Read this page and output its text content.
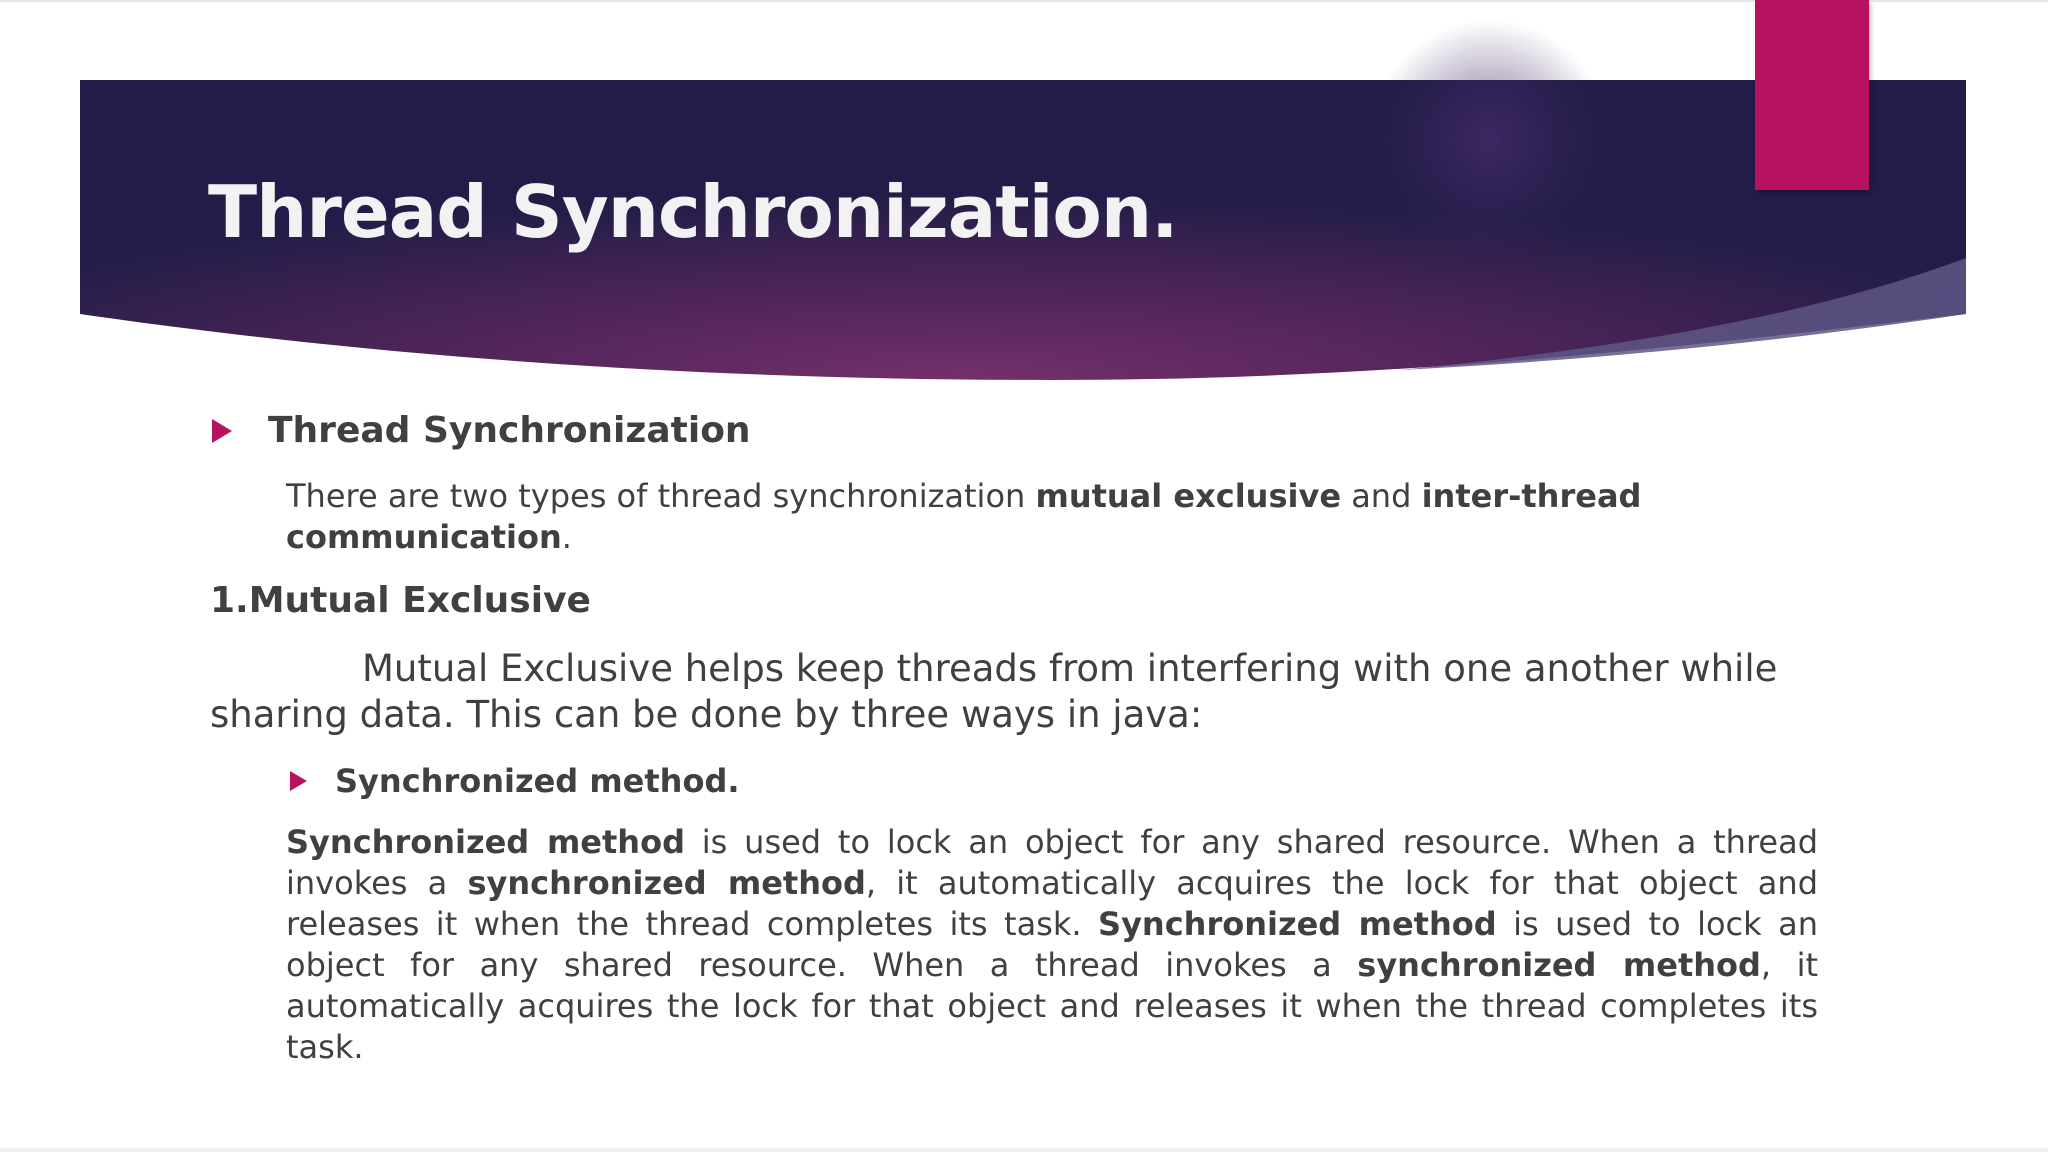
Thread Synchronization.
Thread Synchronization

There are two types of thread synchronization mutual exclusive and inter-thread communication.

1.Mutual Exclusive

Mutual Exclusive helps keep threads from interfering with one another while sharing data. This can be done by three ways in java:

Synchronized method.

Synchronized method is used to lock an object for any shared resource. When a thread invokes a synchronized method, it automatically acquires the lock for that object and releases it when the thread completes its task. Synchronized method is used to lock an object for any shared resource. When a thread invokes a synchronized method, it automatically acquires the lock for that object and releases it when the thread completes its task.
